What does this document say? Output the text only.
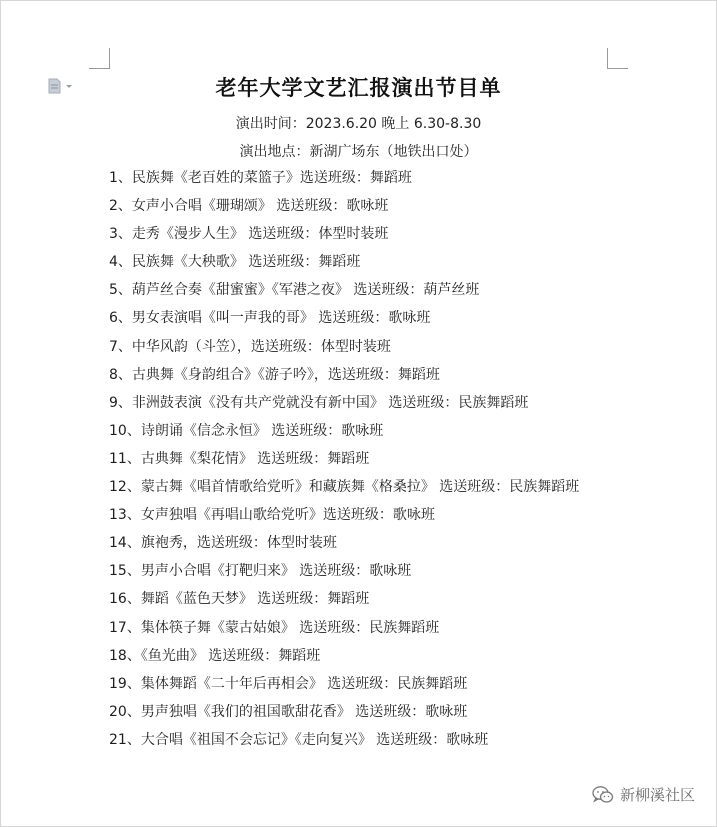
老年大学文艺汇报演出节目单
演出时间：2023.6.20 晚上 6.30-8.30
演出地点：新湖广场东（地铁出口处）
1、民族舞《老百姓的菜篮子》选送班级：舞蹈班
2、女声小合唱《珊瑚颂》 选送班级：歌咏班
3、走秀《漫步人生》 选送班级：体型时装班
4、民族舞《大秧歌》 选送班级：舞蹈班
5、葫芦丝合奏《甜蜜蜜》《军港之夜》 选送班级：葫芦丝班
6、男女表演唱《叫一声我的哥》 选送班级：歌咏班
7、中华风韵（斗笠），选送班级：体型时装班
8、古典舞《身韵组合》《游子吟》，选送班级：舞蹈班
9、非洲鼓表演《没有共产党就没有新中国》 选送班级：民族舞蹈班
10、诗朗诵《信念永恒》 选送班级：歌咏班
11、古典舞《梨花情》 选送班级：舞蹈班
12、蒙古舞《唱首情歌给党听》和藏族舞《格桑拉》 选送班级：民族舞蹈班
13、女声独唱《再唱山歌给党听》选送班级：歌咏班
14、旗袍秀，选送班级：体型时装班
15、男声小合唱《打靶归来》 选送班级：歌咏班
16、舞蹈《蓝色天梦》 选送班级：舞蹈班
17、集体筷子舞《蒙古姑娘》 选送班级：民族舞蹈班
18、《鱼光曲》 选送班级：舞蹈班
19、集体舞蹈《二十年后再相会》 选送班级：民族舞蹈班
20、男声独唱《我们的祖国歌甜花香》 选送班级：歌咏班
21、大合唱《祖国不会忘记》《走向复兴》 选送班级：歌咏班
新柳溪社区
